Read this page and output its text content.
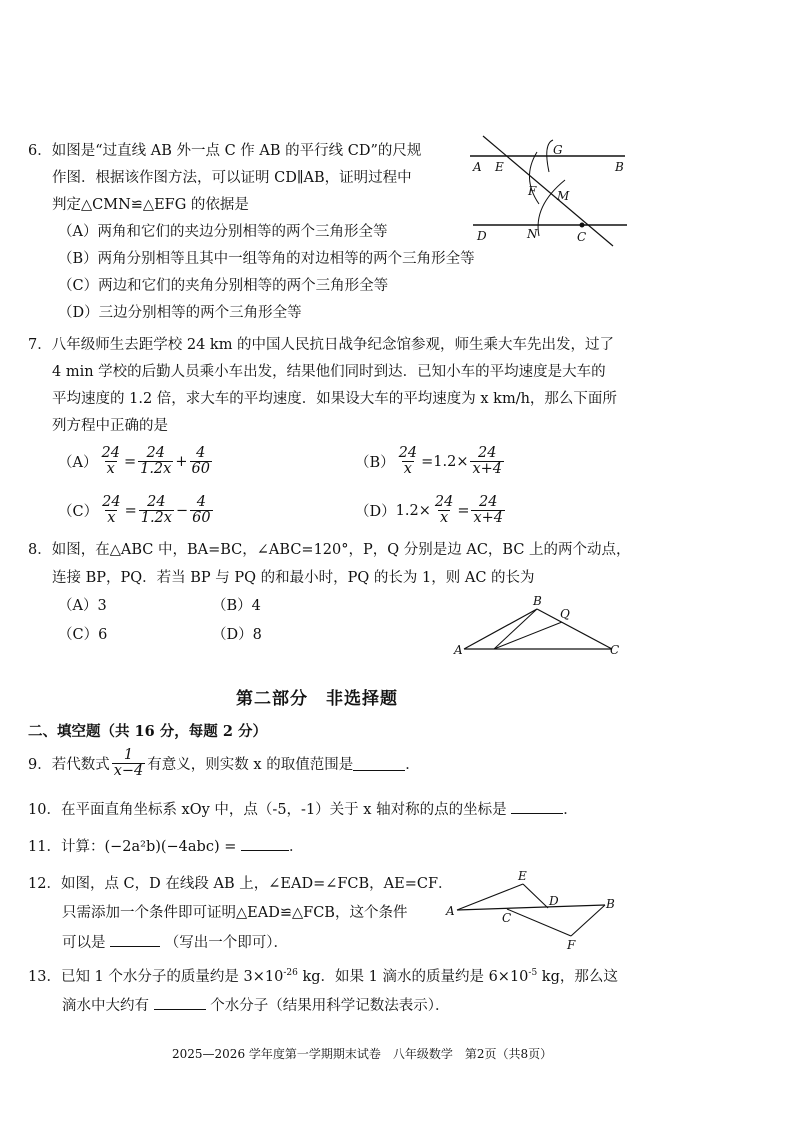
6．如图是“过直线 AB 外一点 C 作 AB 的平行线 CD”的尺规
作图．根据该作图方法，可以证明 CD∥AB，证明过程中
判定△CMN≌△EFG 的依据是
（A）两角和它们的夹边分别相等的两个三角形全等
（B）两角分别相等且其中一组等角的对边相等的两个三角形全等
（C）两边和它们的夹角分别相等的两个三角形全等
（D）三边分别相等的两个三角形全等
A E
G
B
F M
D	N	C
7．八年级师生去距学校 24 km 的中国人民抗日战争纪念馆参观，师生乘大车先出发，过了
4 min 学校的后勤人员乘小车出发，结果他们同时到达．已知小车的平均速度是大车的
平均速度的 1.2 倍，求大车的平均速度．如果设大车的平均速度为 x km/h，那么下面所
列方程中正确的是
$(A) \frac{24}{x} = \frac{24}{1.2x} + \frac{4}{60}$	$(B) \frac{24}{x} =1.2\times \frac{24}{x+4}$
$(C) \frac{24}{x} = \frac{24}{1.2x} - \frac{4}{60}$	（D） $1.2\times \frac{24}{x} = \frac{24}{x+4}$
8．如图，在△ABC 中，BA=BC，∠ABC=120°，P，Q 分别是边 AC，BC 上的两个动点，
连接 BP，PQ．若当 BP 与 PQ 的和最小时，PQ 的长为 1，则 AC 的长为
（A）3	（B）4
（C）6	（D）8
A
B
Q
C
第二部分　非选择题
二、填空题（共 16 分，每题 2 分）
9． 若代数式 $\frac{1}{x-4}$ 有意义，则实数 x 的取值范围是	．
10．在平面直角坐标系 xOy 中，点（-5，-1）关于 x 轴对称的点的坐标是	．
11．计算：(−2a²b)(−4abc) =	．
12．如图，点 C，D 在线段 AB 上，∠EAD=∠FCB，AE=CF．
只需添加一个条件即可证明△EAD≌△FCB，这个条件
可以是	（写出一个即可）．
E
D
A	C
B
F
13．已知 1 个水分子的质量约是 $3\times 10^{-26}$ kg．如果 1 滴水的质量约是 $6\times 10^{-5}$ kg，那么这
滴水中大约有	个水分子（结果用科学记数法表示）．
2025—2026 学年度第一学期期末试卷　八年级数学　第2页（共8页）
